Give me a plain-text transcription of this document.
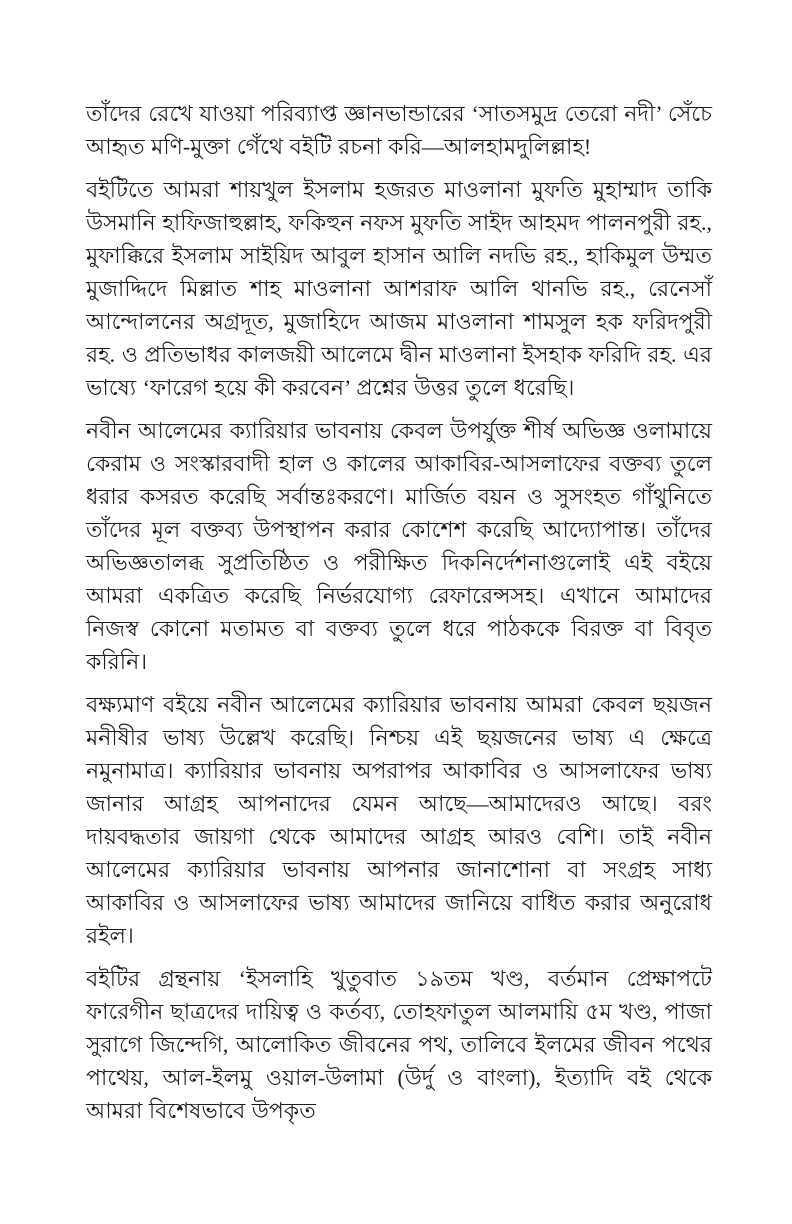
তাঁদের রেখে যাওয়া পরিব্যাপ্ত জ্ঞানভান্ডারের ‘সাতসমুদ্র তেরো নদী’ সেঁচে আহৃত মণি-মুক্তা গেঁথে বইটি রচনা করি—আলহামদুলিল্লাহ!

বইটিতে আমরা শায়খুল ইসলাম হজরত মাওলানা মুফতি মুহাম্মাদ তাকি উসমানি হাফিজাহুল্লাহ, ফকিহুন নফস মুফতি সাইদ আহমদ পালনপুরী রহ., মুফাক্কিরে ইসলাম সাইয়িদ আবুল হাসান আলি নদভি রহ., হাকিমুল উম্মত মুজাদ্দিদে মিল্লাত শাহ মাওলানা আশরাফ আলি থানভি রহ., রেনেসাঁ আন্দোলনের অগ্রদূত, মুজাহিদে আজম মাওলানা শামসুল হক ফরিদপুরী রহ. ও প্রতিভাধর কালজয়ী আলেমে দ্বীন মাওলানা ইসহাক ফরিদি রহ. এর ভাষ্যে ‘ফারেগ হয়ে কী করবেন’ প্রশ্নের উত্তর তুলে ধরেছি।

নবীন আলেমের ক্যারিয়ার ভাবনায় কেবল উপর্যুক্ত শীর্ষ অভিজ্ঞ ওলামায়ে কেরাম ও সংস্কারবাদী হাল ও কালের আকাবির-আসলাফের বক্তব্য তুলে ধরার কসরত করেছি সর্বান্তঃকরণে। মার্জিত বয়ন ও সুসংহত গাঁথুনিতে তাঁদের মূল বক্তব্য উপস্থাপন করার কোশেশ করেছি আদ্যোপান্ত। তাঁদের অভিজ্ঞতালব্ধ সুপ্রতিষ্ঠিত ও পরীক্ষিত দিকনির্দেশনাগুলোই এই বইয়ে আমরা একত্রিত করেছি নির্ভরযোগ্য রেফারেন্সসহ। এখানে আমাদের নিজস্ব কোনো মতামত বা বক্তব্য তুলে ধরে পাঠককে বিরক্ত বা বিবৃত করিনি।

বক্ষ্যমাণ বইয়ে নবীন আলেমের ক্যারিয়ার ভাবনায় আমরা কেবল ছয়জন মনীষীর ভাষ্য উল্লেখ করেছি। নিশ্চয় এই ছয়জনের ভাষ্য এ ক্ষেত্রে নমুনামাত্র। ক্যারিয়ার ভাবনায় অপরাপর আকাবির ও আসলাফের ভাষ্য জানার আগ্রহ আপনাদের যেমন আছে—আমাদেরও আছে। বরং দায়বদ্ধতার জায়গা থেকে আমাদের আগ্রহ আরও বেশি। তাই নবীন আলেমের ক্যারিয়ার ভাবনায় আপনার জানাশোনা বা সংগ্রহ সাধ্য আকাবির ও আসলাফের ভাষ্য আমাদের জানিয়ে বাধিত করার অনুরোধ রইল।

বইটির গ্রন্থনায় ‘ইসলাহি খুতুবাত ১৯তম খণ্ড, বর্তমান প্রেক্ষাপটে ফারেগীন ছাত্রদের দায়িত্ব ও কর্তব্য, তোহফাতুল আলমায়ি ৫ম খণ্ড, পাজা সুরাগে জিন্দেগি, আলোকিত জীবনের পথ, তালিবে ইলমের জীবন পথের পাথেয়, আল-ইলমু ওয়াল-উলামা (উর্দু ও বাংলা), ইত্যাদি বই থেকে আমরা বিশেষভাবে উপকৃত
